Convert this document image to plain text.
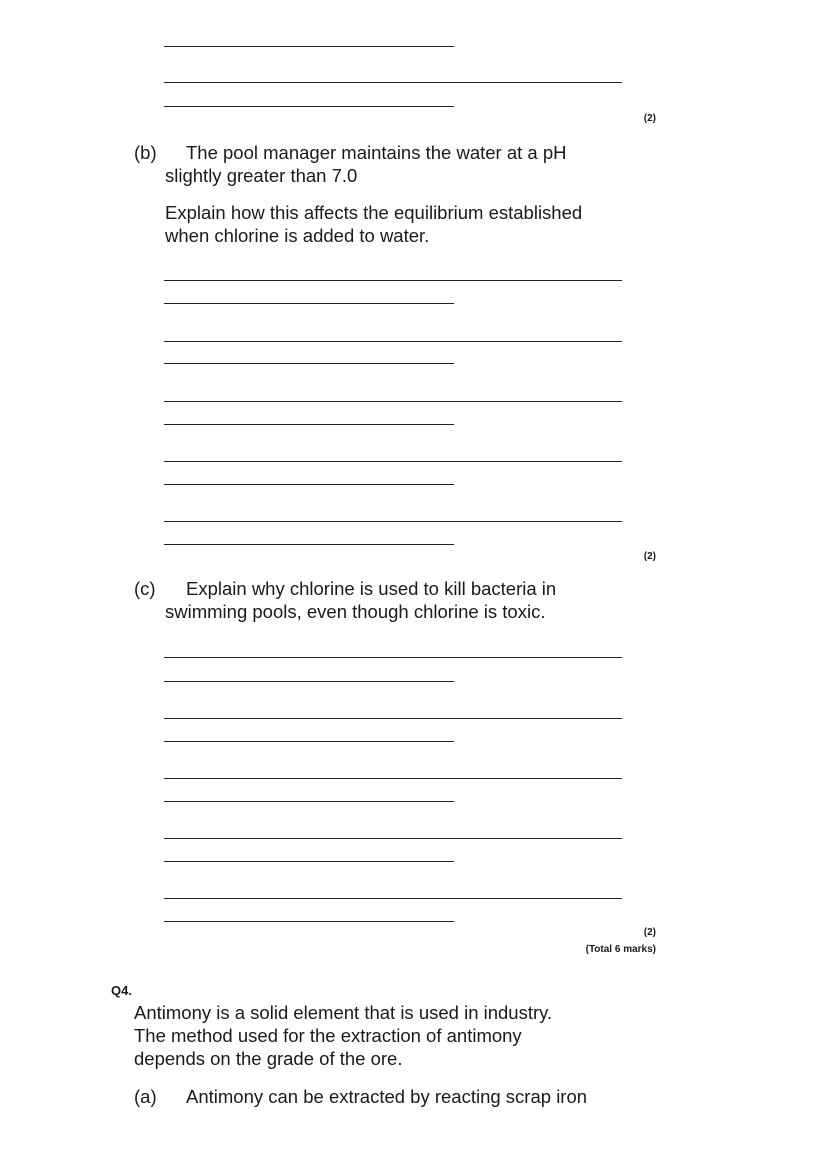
(2)
(b) The pool manager maintains the water at a pH
slightly greater than 7.0
Explain how this affects the equilibrium established
when chlorine is added to water.
(2)
(c) Explain why chlorine is used to kill bacteria in
swimming pools, even though chlorine is toxic.
(2)
(Total 6 marks)
Q4.
Antimony is a solid element that is used in industry.
The method used for the extraction of antimony
depends on the grade of the ore.
(a) Antimony can be extracted by reacting scrap iron
